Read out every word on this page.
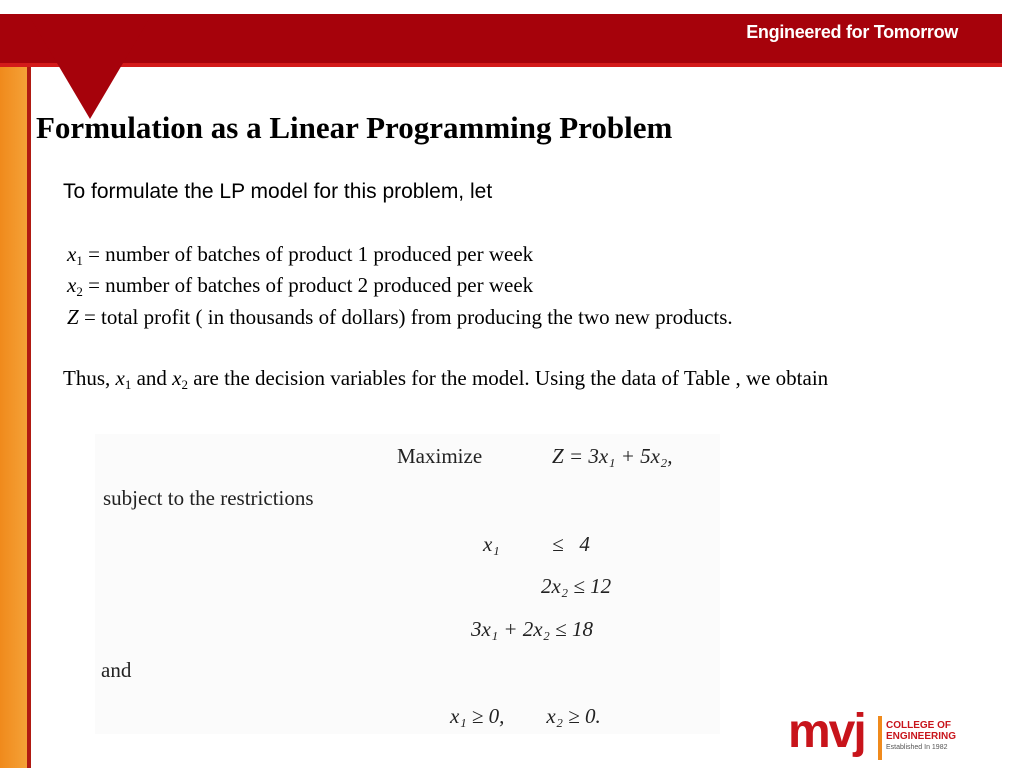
Engineered for Tomorrow
Formulation as a Linear Programming Problem
To formulate the LP model for this problem, let
$x_1$ = number of batches of product 1 produced per week
$x_2$ = number of batches of product 2 produced per week
Z = total profit ( in thousands of dollars) from producing the two new products.
Thus, $x_1$ and $x_2$ are the decision variables for the model. Using the data of Table , we obtain
Maximize	Z = 3x₁ + 5x₂,
subject to the restrictions
x₁          ≤   4
2x₂ ≤ 12
3x₁ + 2x₂ ≤ 18
and
x₁ ≥ 0,        x₂ ≥ 0.	mvj COLLEGE OF
ENGINEERING
Established In 1982
